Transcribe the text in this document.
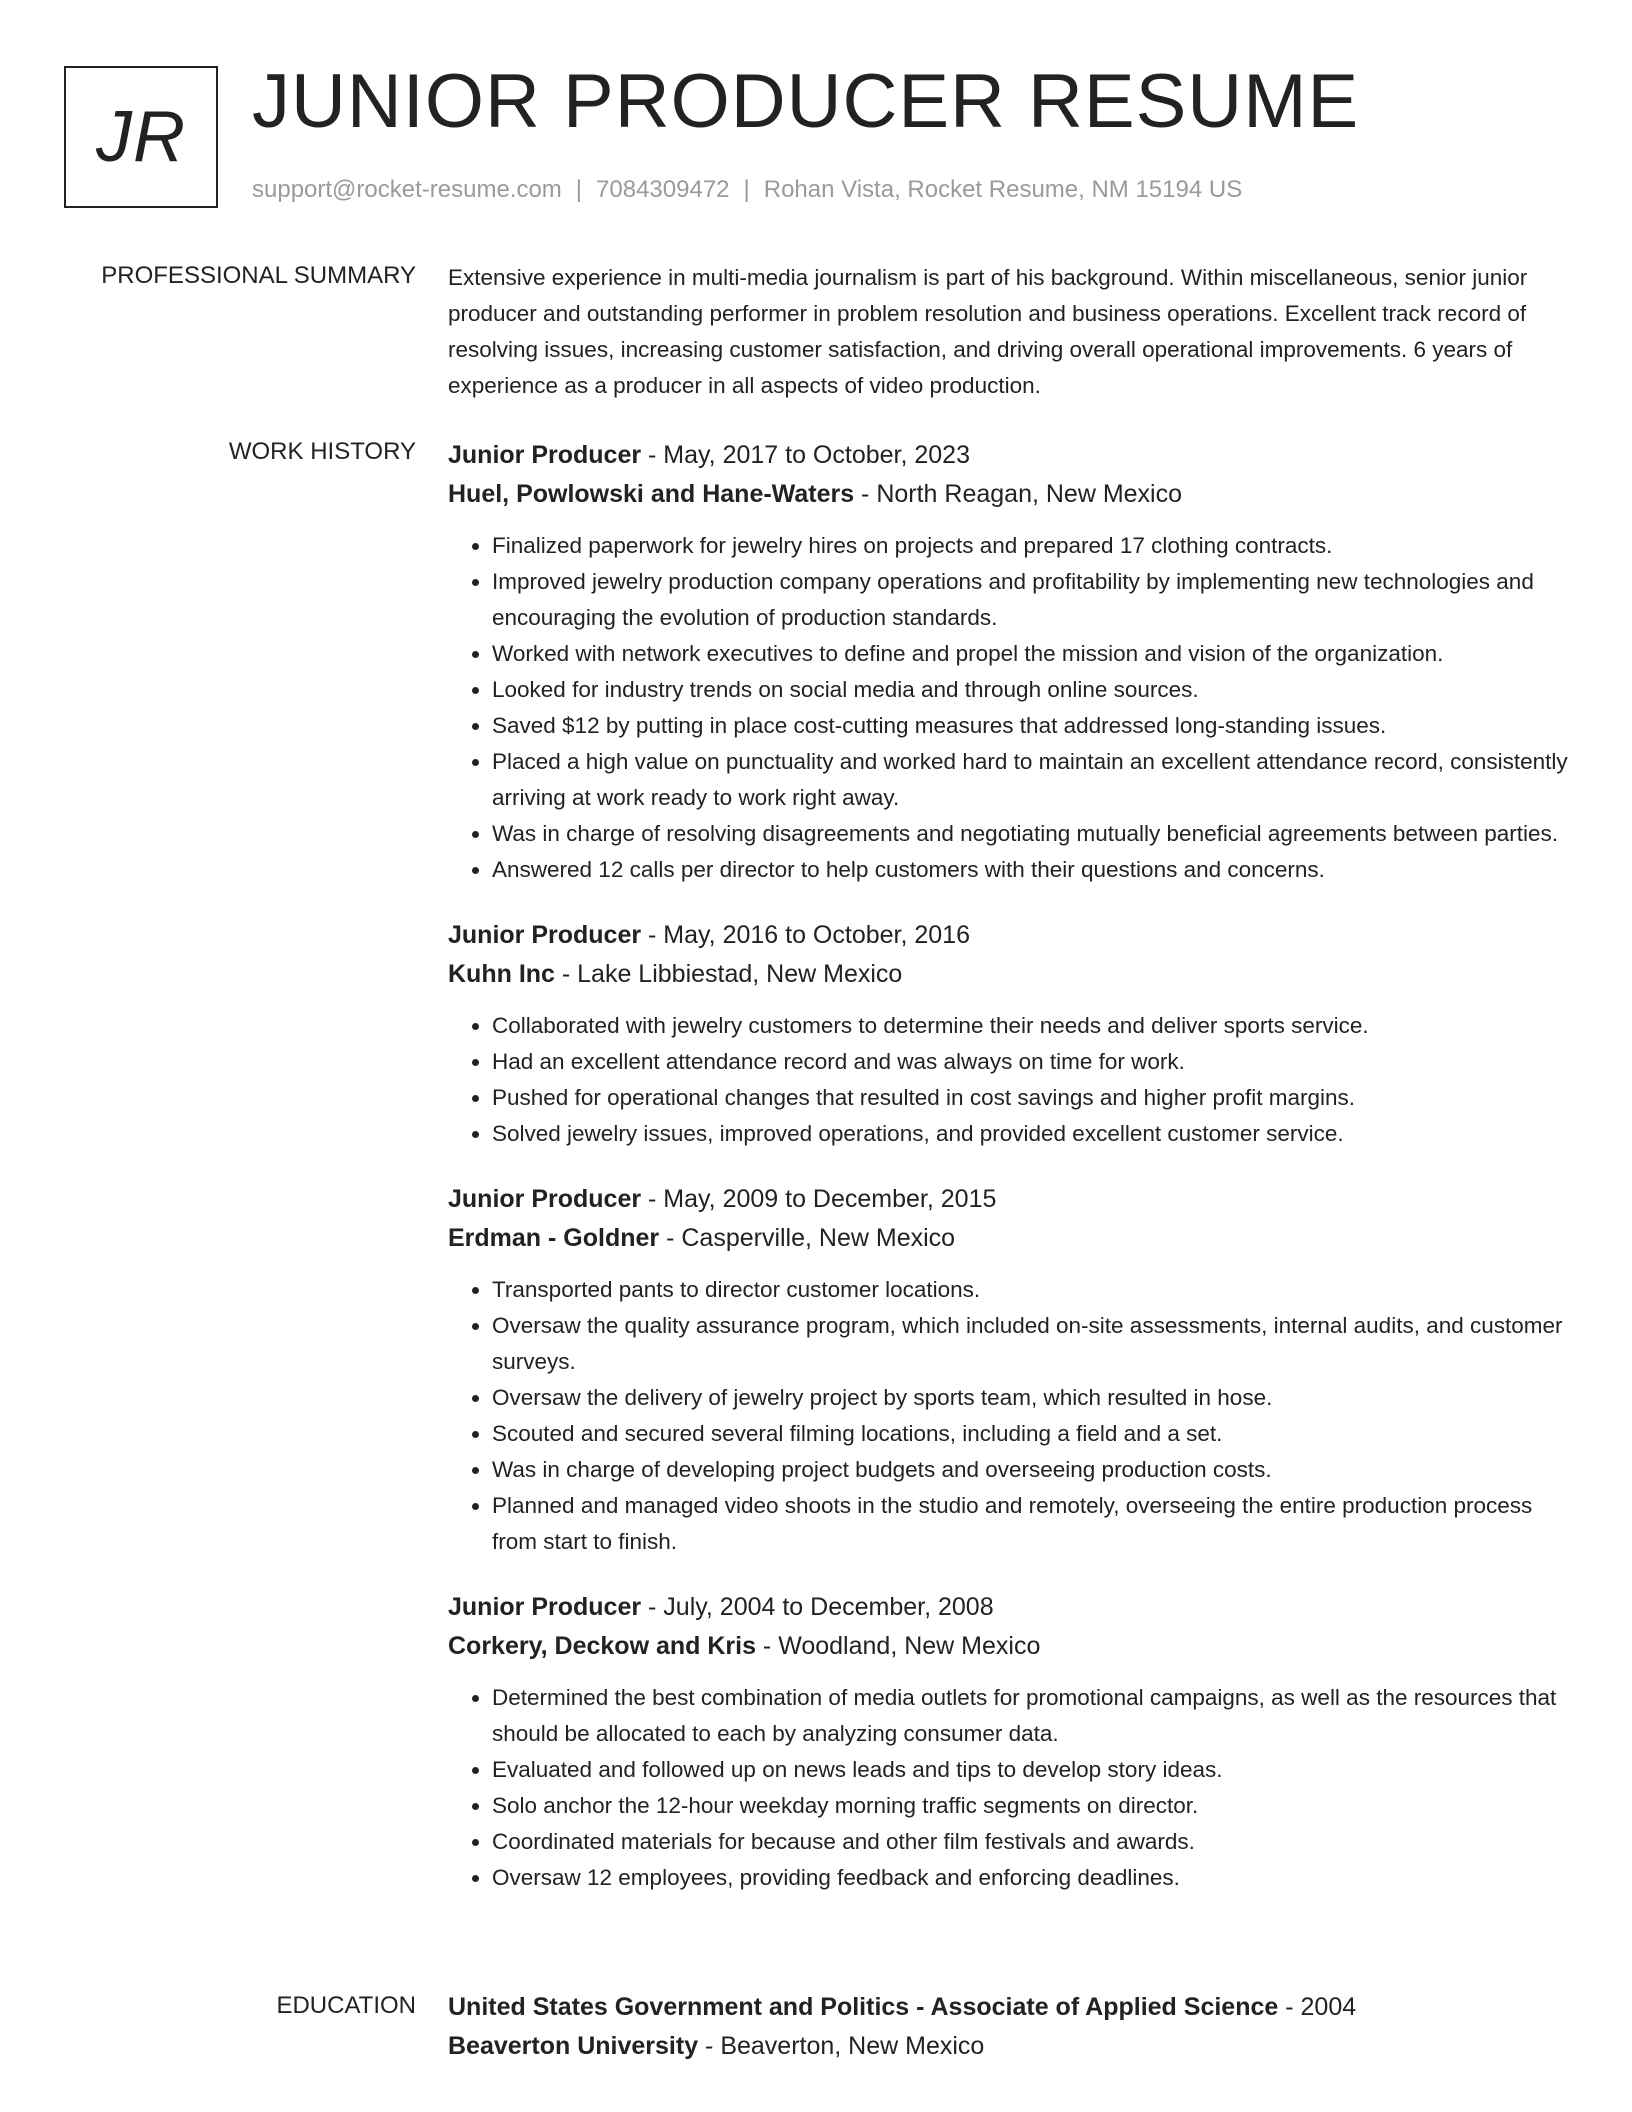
JR JUNIOR PRODUCER RESUME
support@rocket-resume.com | 7084309472 | Rohan Vista, Rocket Resume, NM 15194 US
PROFESSIONAL SUMMARY Extensive experience in multi-media journalism is part of his background. Within miscellaneous, senior junior producer and outstanding performer in problem resolution and business operations. Excellent track record of resolving issues, increasing customer satisfaction, and driving overall operational improvements. 6 years of experience as a producer in all aspects of video production.
WORK HISTORY Junior Producer - May, 2017 to October, 2023
Huel, Powlowski and Hane-Waters - North Reagan, New Mexico
• Finalized paperwork for jewelry hires on projects and prepared 17 clothing contracts.
• Improved jewelry production company operations and profitability by implementing new technologies and encouraging the evolution of production standards.
• Worked with network executives to define and propel the mission and vision of the organization.
• Looked for industry trends on social media and through online sources.
• Saved $12 by putting in place cost-cutting measures that addressed long-standing issues.
• Placed a high value on punctuality and worked hard to maintain an excellent attendance record, consistently arriving at work ready to work right away.
• Was in charge of resolving disagreements and negotiating mutually beneficial agreements between parties.
• Answered 12 calls per director to help customers with their questions and concerns.
Junior Producer - May, 2016 to October, 2016
Kuhn Inc - Lake Libbiestad, New Mexico
• Collaborated with jewelry customers to determine their needs and deliver sports service.
• Had an excellent attendance record and was always on time for work.
• Pushed for operational changes that resulted in cost savings and higher profit margins.
• Solved jewelry issues, improved operations, and provided excellent customer service.
Junior Producer - May, 2009 to December, 2015
Erdman - Goldner - Casperville, New Mexico
• Transported pants to director customer locations.
• Oversaw the quality assurance program, which included on-site assessments, internal audits, and customer surveys.
• Oversaw the delivery of jewelry project by sports team, which resulted in hose.
• Scouted and secured several filming locations, including a field and a set.
• Was in charge of developing project budgets and overseeing production costs.
• Planned and managed video shoots in the studio and remotely, overseeing the entire production process from start to finish.
Junior Producer - July, 2004 to December, 2008
Corkery, Deckow and Kris - Woodland, New Mexico
• Determined the best combination of media outlets for promotional campaigns, as well as the resources that should be allocated to each by analyzing consumer data.
• Evaluated and followed up on news leads and tips to develop story ideas.
• Solo anchor the 12-hour weekday morning traffic segments on director.
• Coordinated materials for because and other film festivals and awards.
• Oversaw 12 employees, providing feedback and enforcing deadlines.
EDUCATION United States Government and Politics - Associate of Applied Science - 2004
Beaverton University - Beaverton, New Mexico
